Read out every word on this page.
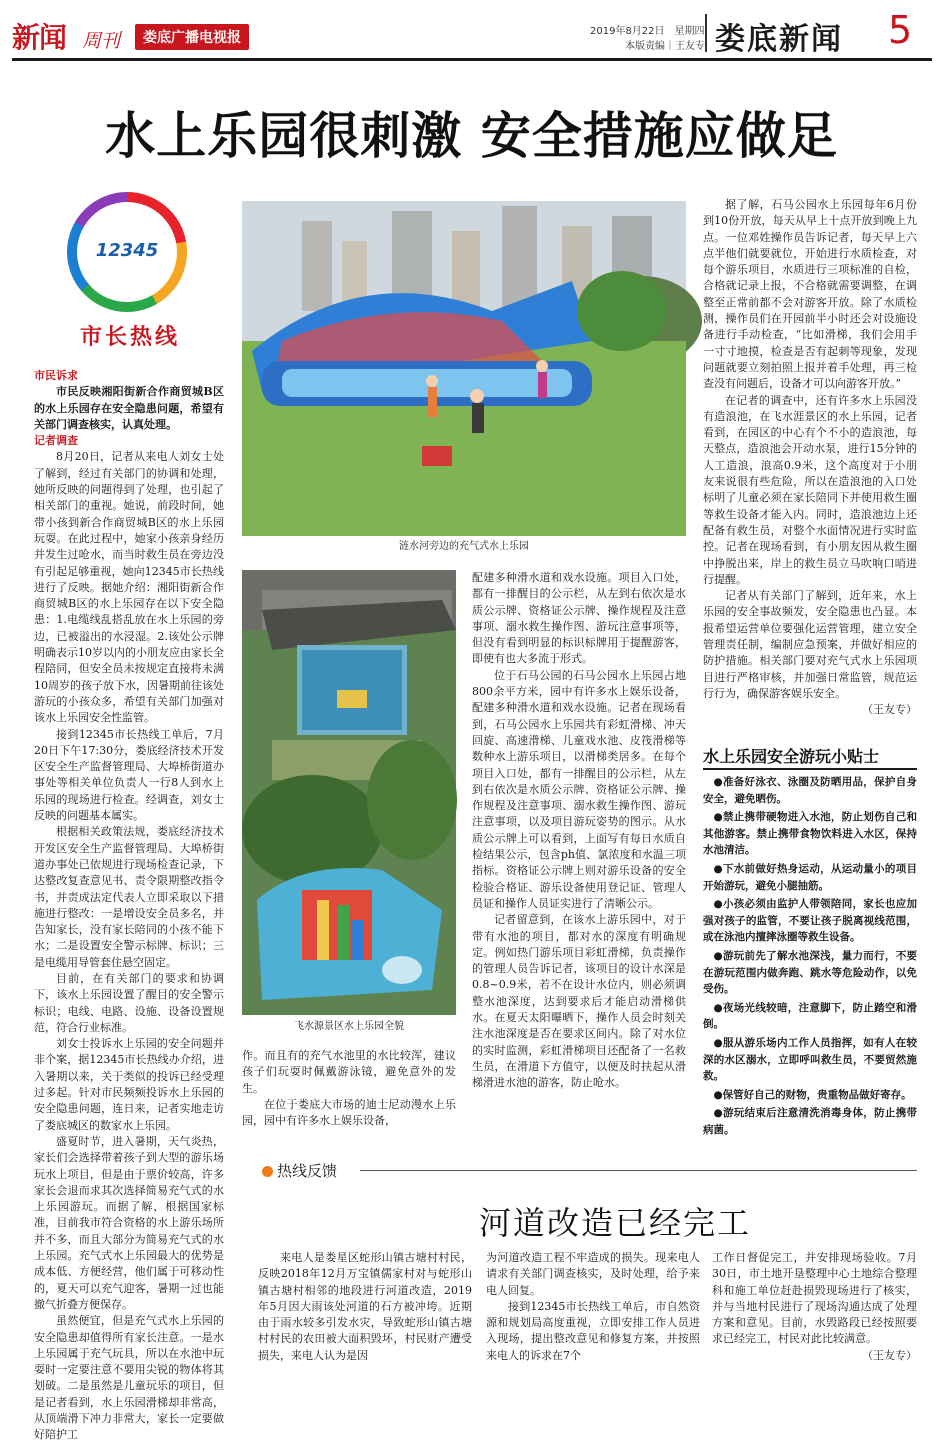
新闻 周刊	娄底广播电视报	2019年8月22日　星期四
本版责编｜王友专 娄底新闻 5
水上乐园很刺激 安全措施应做足
12345
市长热线
市民诉求
市民反映湘阳街新合作商贸城B区的水上乐园存在安全隐患问题，希望有关部门调查核实，认真处理。
记者调查
8月20日，记者从来电人刘女士处了解到，经过有关部门的协调和处理，她所反映的问题得到了处理，也引起了相关部门的重视。她说，前段时间，她带小孩到新合作商贸城B区的水上乐园玩耍。在此过程中，她家小孩亲身经历并发生过呛水，而当时救生员在旁边没有引起足够重视，她向12345市长热线进行了反映。据她介绍：湘阳街新合作商贸城B区的水上乐园存在以下安全隐患：1.电缆线乱搭乱放在水上乐园的旁边，已被溢出的水浸湿。2.该处公示牌明确表示10岁以内的小朋友应由家长全程陪同，但安全员未按规定直接将未满10周岁的孩子放下水，因暑期前往该处游玩的小孩众多，希望有关部门加强对该水上乐园安全性监管。
接到12345市长热线工单后，7月20日下午17:30分，娄底经济技术开发区安全生产监督管理局、大埠桥街道办事处等相关单位负责人一行8人到水上乐园的现场进行检查。经调查，刘女士反映的问题基本属实。
根据相关政策法规，娄底经济技术开发区安全生产监督管理局、大埠桥街道办事处已依规进行现场检查记录，下达整改复查意见书、责令限期整改指令书，并责成法定代表人立即采取以下措施进行整改：一是增设安全员多名，并告知家长，没有家长陪同的小孩不能下水；二是设置安全警示标牌、标识；三是电缆用导管套住悬空固定。
目前，在有关部门的要求和协调下，该水上乐园设置了醒目的安全警示标识；电线、电路、设施、设备设置规范，符合行业标准。
刘女士投诉水上乐园的安全问题并非个案，据12345市长热线办介绍，进入暑期以来，关于类似的投诉已经受理过多起。针对市民频频投诉水上乐园的安全隐患问题，连日来，记者实地走访了娄底城区的数家水上乐园。
盛夏时节，进入暑期，天气炎热，家长们会选择带着孩子到大型的游乐场玩水上项目，但是由于票价较高，许多家长会退而求其次选择简易充气式的水上乐园游玩。而据了解，根据国家标准，目前我市符合资格的水上游乐场所并不多，而且大部分为简易充气式的水上乐园。充气式水上乐园最大的优势是成本低、方便经营，他们属于可移动性的，夏天可以充气迎客，暑期一过也能撤气折叠方便保存。
虽然便宜，但是充气式水上乐园的安全隐患却值得所有家长注意。一是水上乐园属于充气玩具，所以在水池中玩耍时一定要注意不要用尖锐的物体将其划破。二是虽然是儿童玩乐的项目，但是记者看到，水上乐园滑梯却非常高，从顶端滑下冲力非常大，家长一定要做好陪护工
涟水河旁边的充气式水上乐园
飞水源景区水上乐园全貌
作。而且有的充气水池里的水比较浑，建议孩子们玩耍时佩戴游泳镜，避免意外的发生。
在位于娄底大市场的迪士尼动漫水上乐园，园中有许多水上娱乐设备，
配建多种滑水道和戏水设施。项目入口处，都有一排醒目的公示栏，从左到右依次是水质公示牌、资格证公示牌、操作规程及注意事项、溺水救生操作图、游玩注意事项等，但没有看到明显的标识标牌用于提醒游客，即使有也大多流于形式。
位于石马公园的石马公园水上乐园占地800余平方米，园中有许多水上娱乐设备，配建多种滑水道和戏水设施。记者在现场看到，石马公园水上乐园共有彩虹滑梯、冲天回旋、高速滑梯、儿童戏水池、皮筏滑梯等数种水上游乐项目，以滑梯类居多。在每个项目入口处，都有一排醒目的公示栏，从左到右依次是水质公示牌、资格证公示牌、操作规程及注意事项、溺水救生操作图、游玩注意事项，以及项目游玩姿势的图示。从水质公示牌上可以看到，上面写有每日水质自检结果公示，包含ph值、氯浓度和水温三项指标。资格证公示牌上则对游乐设备的安全检验合格证、游乐设备使用登记证、管理人员证和操作人员证实进行了清晰公示。
记者留意到，在该水上游乐园中，对于带有水池的项目，都对水的深度有明确规定。例如热门游乐项目彩虹滑梯，负责操作的管理人员告诉记者，该项目的设计水深是0.8~0.9米，若不在设计水位内，则必须调整水池深度，达到要求后才能启动滑梯供水。在夏天太阳曝晒下，操作人员会时刻关注水池深度是否在要求区间内。除了对水位的实时监测，彩虹滑梯项目还配备了一名救生员，在滑道下方值守，以便及时扶起从滑梯滑进水池的游客，防止呛水。
据了解，石马公园水上乐园每年6月份到10份开放，每天从早上十点开放到晚上九点。一位邓姓操作员告诉记者，每天早上六点半他们就要就位，开始进行水质检查，对每个游乐项目，水质进行三项标准的自检，合格就记录上报，不合格就需要调整，在调整至正常前都不会对游客开放。除了水质检测，操作员们在开园前半小时还会对设施设备进行手动检查，“比如滑梯，我们会用手一寸寸地摸，检查是否有起刺等现象，发现问题就要立刻拍照上报并着手处理，再三检查没有问题后，设备才可以向游客开放。”
在记者的调查中，还有许多水上乐园没有造浪池，在飞水涯景区的水上乐园，记者看到，在园区的中心有个不小的造浪池，每天整点，造浪池会开动水泵，进行15分钟的人工造浪，浪高0.9米，这个高度对于小朋友来说很有些危险，所以在造浪池的入口处标明了儿童必须在家长陪同下并使用救生圈等救生设备才能入内。同时，造浪池边上还配备有救生员，对整个水面情况进行实时监控。记者在现场看到，有小朋友因从救生圈中挣脱出来，岸上的救生员立马吹响口哨进行提醒。
记者从有关部门了解到，近年来，水上乐园的安全事故频发，安全隐患也凸显。本报希望运营单位要强化运营管理，建立安全管理责任制，编制应急预案，并做好相应的防护措施。相关部门要对充气式水上乐园项目进行严格审核，并加强日常监管，规范运行行为，确保游客娱乐安全。
（王友专）
水上乐园安全游玩小贴士
●准备好泳衣、泳圈及防晒用品，保护自身安全，避免晒伤。
●禁止携带硬物进入水池，防止划伤自己和其他游客。禁止携带食物饮料进入水区，保持水池清洁。
●下水前做好热身运动，从运动量小的项目开始游玩，避免小腿抽筋。
●小孩必须由监护人带领陪同，家长也应加强对孩子的监管，不要让孩子脱离视线范围，或在泳池内擅摔泳圈等救生设备。
●游玩前先了解水池深浅，量力而行，不要在游玩范围内做奔跑、跳水等危险动作，以免受伤。
●夜场光线较暗，注意脚下，防止踏空和滑倒。
●服从游乐场内工作人员指挥，如有人在较深的水区溺水，立即呼叫救生员，不要贸然施救。
●保管好自己的财物，贵重物品做好寄存。
●游玩结束后注意清洗消毒身体，防止携带病菌。
热线反馈
河道改造已经完工
来电人是娄星区蛇形山镇古塘村村民，反映2018年12月万宝镇儒家村对与蛇形山镇古塘村相邻的地段进行河道改造，2019年5月因大雨该处河道的石方被冲垮。近期由于雨水较多引发水灾，导致蛇形山镇古塘村村民的农田被大面积毁坏，村民财产遭受损失，来电人认为是因
为河道改造工程不牢造成的损失。现来电人请求有关部门调查核实，及时处理，给予来电人回复。
接到12345市长热线工单后，市自然资源和规划局高度重视，立即安排工作人员进入现场，提出整改意见和修复方案，并按照来电人的诉求在7个
工作日督促完工，并安排现场验收。7月30日，市土地开垦整理中心土地综合整理科和施工单位赶赴损毁现场进行了核实，并与当地村民进行了现场沟通达成了处理方案和意见。目前，水毁路段已经按照要求已经完工，村民对此比较满意。
（王友专）
